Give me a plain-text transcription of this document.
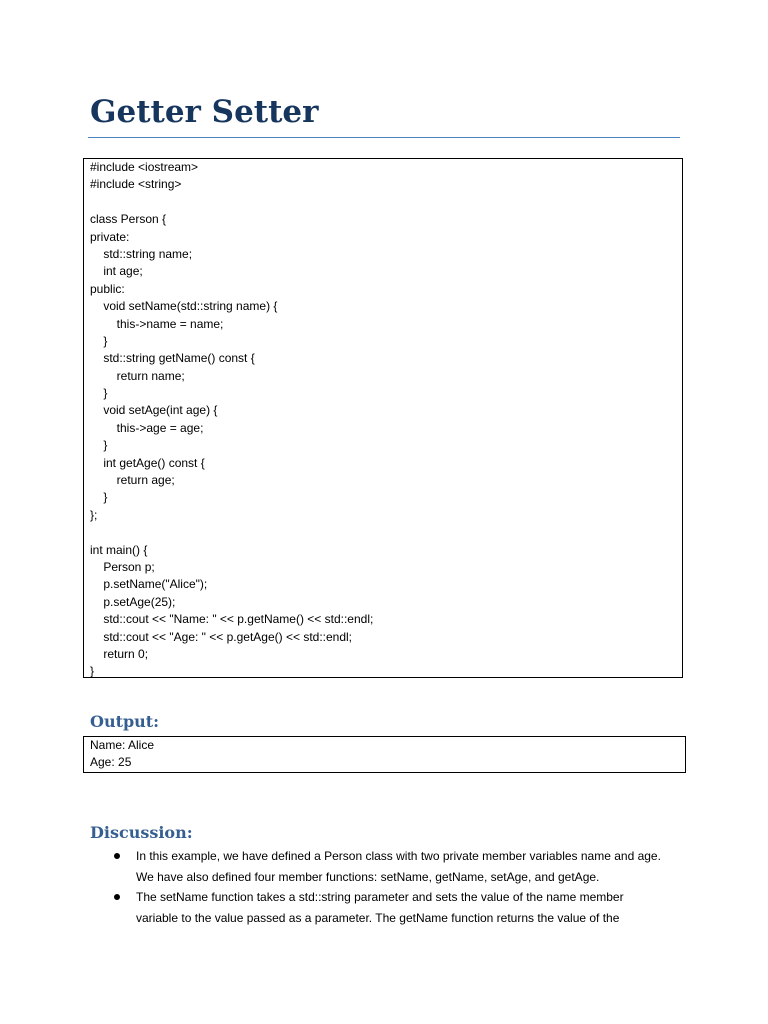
Getter Setter
#include <iostream>
#include <string>
class Person {
private:
std::string name;
int age;
public:
void setName(std::string name) {
this->name = name;
}
std::string getName() const {
return name;
}
void setAge(int age) {
this->age = age;
}
int getAge() const {
return age;
}
};
int main() {
Person p;
p.setName("Alice");
p.setAge(25);
std::cout << "Name: " << p.getName() << std::endl;
std::cout << "Age: " << p.getAge() << std::endl;
return 0;
}
Output:
Name: Alice
Age: 25
Discussion:
In this example, we have defined a Person class with two private member variables name and age. We have also defined four member functions: setName, getName, setAge, and getAge.
The setName function takes a std::string parameter and sets the value of the name member variable to the value passed as a parameter. The getName function returns the value of the
